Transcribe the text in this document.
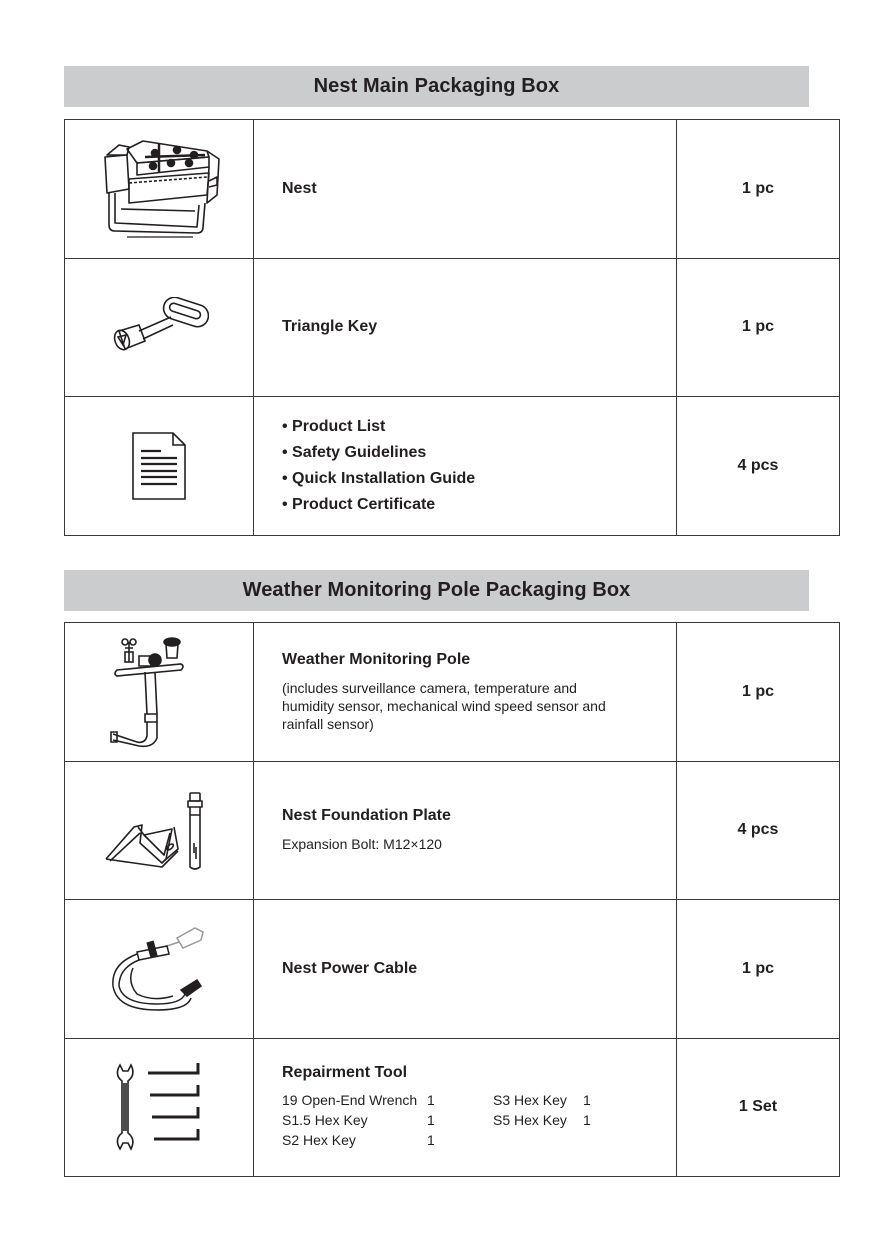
Nest Main Packaging Box

Nest	1 pc

Triangle Key	1 pc

• Product List
• Safety Guidelines
• Quick Installation Guide
• Product Certificate
	4 pcs
Weather Monitoring Pole Packaging Box

Weather Monitoring Pole
(includes surveillance camera, temperature and humidity sensor, mechanical wind speed sensor and rainfall sensor)	1 pc

Nest Foundation Plate
Expansion Bolt: M12×120	4 pcs

Nest Power Cable	1 pc

Repairment Tool
19 Open-End Wrench 1	S3 Hex Key	1
S1.5 Hex Key	1	S5 Hex Key	1
S2 Hex Key	1
	1 Set
